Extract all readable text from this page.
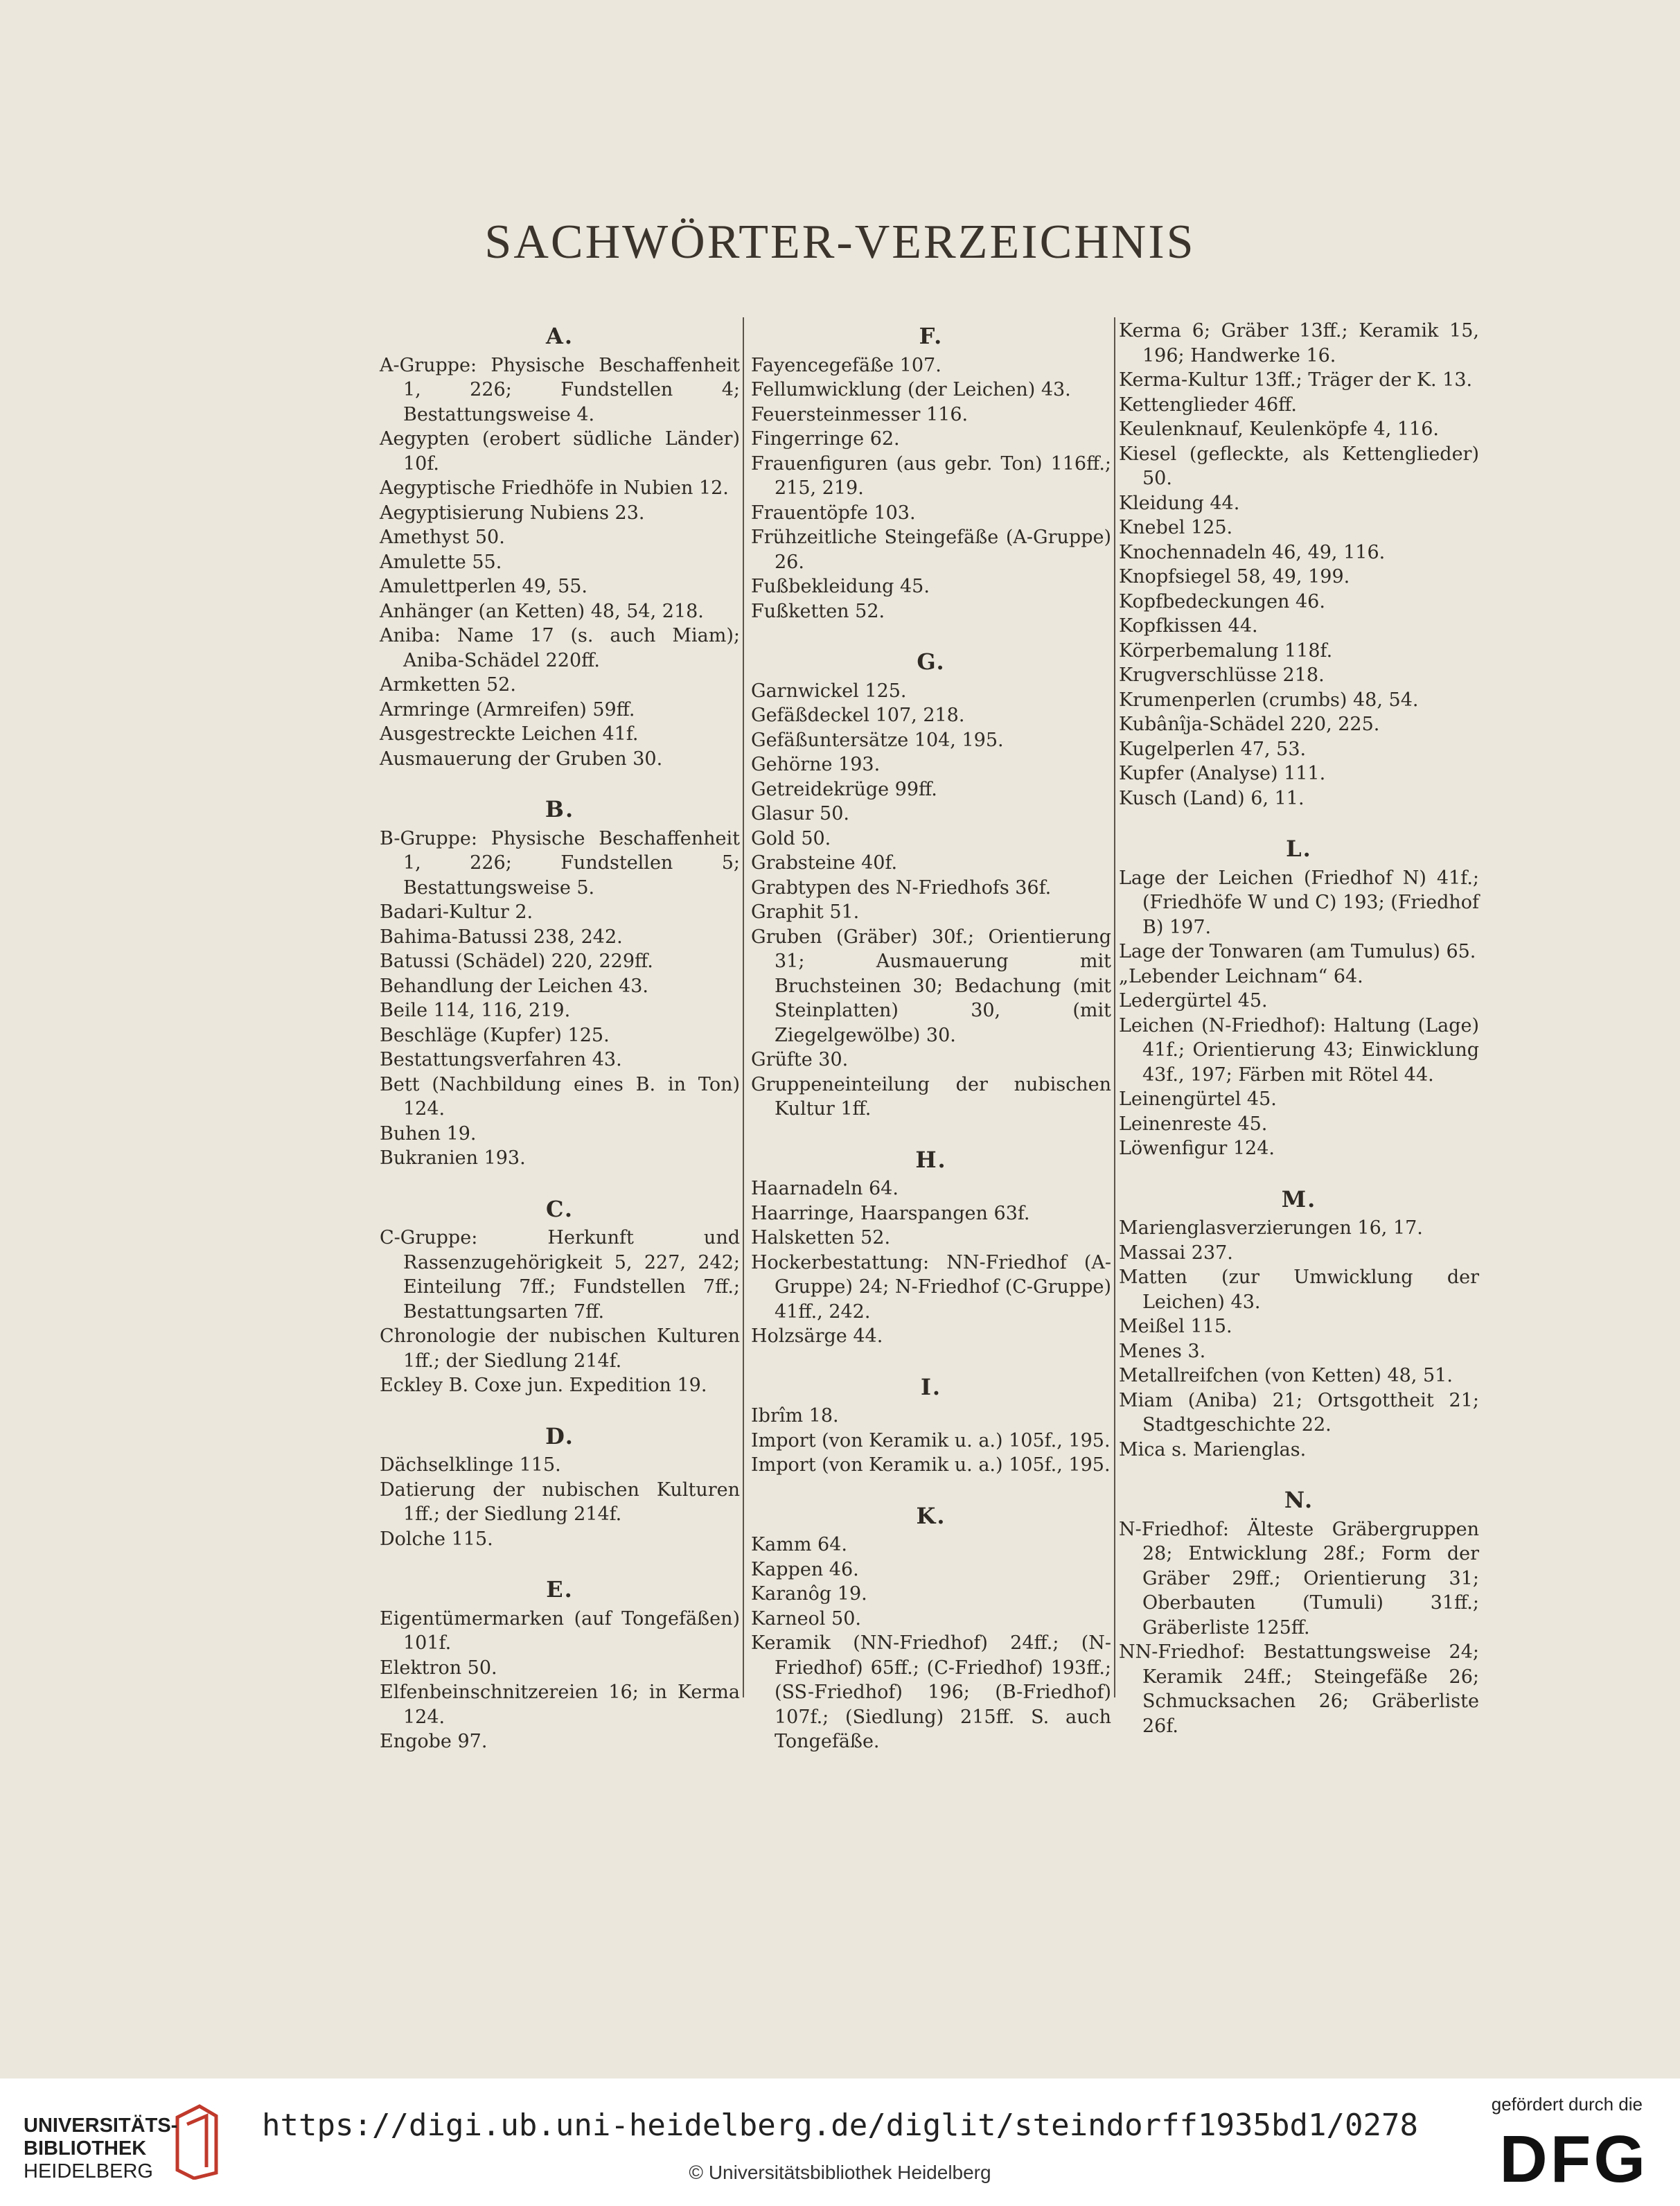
SACHWÖRTER-VERZEICHNIS
A.
A-Gruppe: Physische Beschaffenheit 1, 226; Fundstellen 4; Bestattungsweise 4.
Aegypten (erobert südliche Länder) 10f.
Aegyptische Friedhöfe in Nubien 12.
Aegyptisierung Nubiens 23.
Amethyst 50.
Amulette 55.
Amulettperlen 49, 55.
Anhänger (an Ketten) 48, 54, 218.
Aniba: Name 17 (s. auch Miam); Aniba-Schädel 220ff.
Armketten 52.
Armringe (Armreifen) 59ff.
Ausgestreckte Leichen 41f.
Ausmauerung der Gruben 30.
B.
B-Gruppe: Physische Beschaffenheit 1, 226; Fundstellen 5; Bestattungsweise 5.
Badari-Kultur 2.
Bahima-Batussi 238, 242.
Batussi (Schädel) 220, 229ff.
Behandlung der Leichen 43.
Beile 114, 116, 219.
Beschläge (Kupfer) 125.
Bestattungsverfahren 43.
Bett (Nachbildung eines B. in Ton) 124.
Buhen 19.
Bukranien 193.
C.
C-Gruppe: Herkunft und Rassenzugehörigkeit 5, 227, 242; Einteilung 7ff.; Fundstellen 7ff.; Bestattungsarten 7ff.
Chronologie der nubischen Kulturen 1ff.; der Siedlung 214f.
Eckley B. Coxe jun. Expedition 19.
D.
Dächselklinge 115.
Datierung der nubischen Kulturen 1ff.; der Siedlung 214f.
Dolche 115.
E.
Eigentümermarken (auf Tongefäßen) 101f.
Elektron 50.
Elfenbeinschnitzereien 16; in Kerma 124.
Engobe 97.
F.
Fayencegefäße 107.
Fellumwicklung (der Leichen) 43.
Feuersteinmesser 116.
Fingerringe 62.
Frauenfiguren (aus gebr. Ton) 116ff.; 215, 219.
Frauentöpfe 103.
Frühzeitliche Steingefäße (A-Gruppe) 26.
Fußbekleidung 45.
Fußketten 52.
G.
Garnwickel 125.
Gefäßdeckel 107, 218.
Gefäßuntersätze 104, 195.
Gehörne 193.
Getreidekrüge 99ff.
Glasur 50.
Gold 50.
Grabsteine 40f.
Grabtypen des N-Friedhofs 36f.
Graphit 51.
Gruben (Gräber) 30f.; Orientierung 31; Ausmauerung mit Bruchsteinen 30; Bedachung (mit Steinplatten) 30, (mit Ziegelgewölbe) 30.
Grüfte 30.
Gruppeneinteilung der nubischen Kultur 1ff.
H.
Haarnadeln 64.
Haarringe, Haarspangen 63f.
Halsketten 52.
Hockerbestattung: NN-Friedhof (A-Gruppe) 24; N-Friedhof (C-Gruppe) 41ff., 242.
Holzsärge 44.
I.
Ibrîm 18.
Import (von Keramik u. a.) 105f., 195.
Import (von Keramik u. a.) 105f., 195.
K.
Kamm 64.
Kappen 46.
Karanôg 19.
Karneol 50.
Keramik (NN-Friedhof) 24ff.; (N-Friedhof) 65ff.; (C-Friedhof) 193ff.; (SS-Friedhof) 196; (B-Friedhof) 107f.; (Siedlung) 215ff. S. auch Tongefäße.
Kerma 6; Gräber 13ff.; Keramik 15, 196; Handwerke 16.
Kerma-Kultur 13ff.; Träger der K. 13.
Kettenglieder 46ff.
Keulenknauf, Keulenköpfe 4, 116.
Kiesel (gefleckte, als Kettenglieder) 50.
Kleidung 44.
Knebel 125.
Knochennadeln 46, 49, 116.
Knopfsiegel 58, 49, 199.
Kopfbedeckungen 46.
Kopfkissen 44.
Körperbemalung 118f.
Krugverschlüsse 218.
Krumenperlen (crumbs) 48, 54.
Kubânîja-Schädel 220, 225.
Kugelperlen 47, 53.
Kupfer (Analyse) 111.
Kusch (Land) 6, 11.
L.
Lage der Leichen (Friedhof N) 41f.; (Friedhöfe W und C) 193; (Friedhof B) 197.
Lage der Tonwaren (am Tumulus) 65.
„Lebender Leichnam“ 64.
Ledergürtel 45.
Leichen (N-Friedhof): Haltung (Lage) 41f.; Orientierung 43; Einwicklung 43f., 197; Färben mit Rötel 44.
Leinengürtel 45.
Leinenreste 45.
Löwenfigur 124.
M.
Marienglasverzierungen 16, 17.
Massai 237.
Matten (zur Umwicklung der Leichen) 43.
Meißel 115.
Menes 3.
Metallreifchen (von Ketten) 48, 51.
Miam (Aniba) 21; Ortsgottheit 21; Stadtgeschichte 22.
Mica s. Marienglas.
N.
N-Friedhof: Älteste Gräbergruppen 28; Entwicklung 28f.; Form der Gräber 29ff.; Orientierung 31; Oberbauten (Tumuli) 31ff.; Gräberliste 125ff.
NN-Friedhof: Bestattungsweise 24; Keramik 24ff.; Steingefäße 26; Schmucksachen 26; Gräberliste 26f.
UNIVERSITÄTS-
BIBLIOTHEK
HEIDELBERG
https://digi.ub.uni-heidelberg.de/diglit/steindorff1935bd1/0278
© Universitätsbibliothek Heidelberg
gefördert durch die
DFG
